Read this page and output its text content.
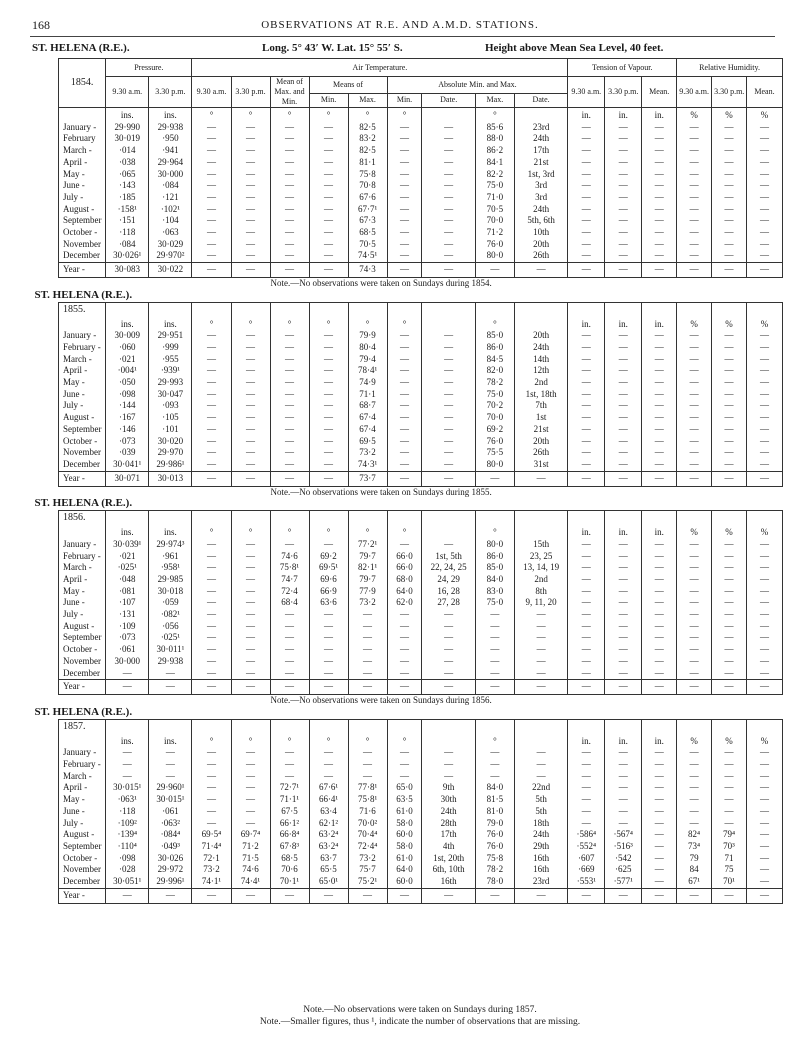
168	OBSERVATIONS AT R.E. AND A.M.D. STATIONS.
ST. HELENA (R.E.).	Long. 5° 43′ W. Lat. 15° 55′ S.	Height above Mean Sea Level, 40 feet.
1854.	Pressure.		Air Temperature.									Tension of Vapour.			Relative Humidity.		
	9.30 a.m.	3.30 p.m.	9.30 a.m.	3.30 p.m.	Mean of Max. and Min.	Means of		Absolute Min. and Max.				9.30 a.m.	3.30 p.m.	Mean.	9.30 a.m.	3.30 p.m.	Mean.
						Min.	Max.	Min.	Date.	Max.	Date.						
	ins.	ins.	°	°	°	°	°	°		°		in.	in.	in.	%	%	%
January -	29·990	29·938	—	—	—	—	82·5	—	—	85·6	23rd	—	—	—	—	—	—
February	30·019	·950	—	—	—	—	83·2	—	—	88·0	24th	—	—	—	—	—	—
March -	·014	·941	—	—	—	—	82·5	—	—	86·2	17th	—	—	—	—	—	—
April -	·038	29·964	—	—	—	—	81·1	—	—	84·1	21st	—	—	—	—	—	—
May -	·065	30·000	—	—	—	—	75·8	—	—	82·2	1st, 3rd	—	—	—	—	—	—
June -	·143	·084	—	—	—	—	70·8	—	—	75·0	3rd	—	—	—	—	—	—
July -	·185	·121	—	—	—	—	67·6	—	—	71·0	3rd	—	—	—	—	—	—
August -	·158¹	·102¹	—	—	—	—	67·7¹	—	—	70·5	24th	—	—	—	—	—	—
September	·151	·104	—	—	—	—	67·3	—	—	70·0	5th, 6th	—	—	—	—	—	—
October -	·118	·063	—	—	—	—	68·5	—	—	71·2	10th	—	—	—	—	—	—
November	·084	30·029	—	—	—	—	70·5	—	—	76·0	20th	—	—	—	—	—	—
December	30·026¹	29·970²	—	—	—	—	74·5¹	—	—	80·0	26th	—	—	—	—	—	—
Year -	30·083	30·022	—	—	—	—	74·3	—	—	—	—	—	—	—	—	—	—

Note.—No observations were taken on Sundays during 1854.
ST. HELENA (R.E.).																	

1855.																	
	ins.	ins.	°	°	°	°	°	°		°		in.	in.	in.	%	%	%
January -	30·009	29·951	—	—	—	—	79·9	—	—	85·0	20th	—	—	—	—	—	—
February -	·060	·999	—	—	—	—	80·4	—	—	86·0	24th	—	—	—	—	—	—
March -	·021	·955	—	—	—	—	79·4	—	—	84·5	14th	—	—	—	—	—	—
April -	·004¹	·939¹	—	—	—	—	78·4¹	—	—	82·0	12th	—	—	—	—	—	—
May -	·050	29·993	—	—	—	—	74·9	—	—	78·2	2nd	—	—	—	—	—	—
June -	·098	30·047	—	—	—	—	71·1	—	—	75·0	1st, 18th	—	—	—	—	—	—
July -	·144	·093	—	—	—	—	68·7	—	—	70·2	7th	—	—	—	—	—	—
August -	·167	·105	—	—	—	—	67·4	—	—	70·0	1st	—	—	—	—	—	—
September	·146	·101	—	—	—	—	67·4	—	—	69·2	21st	—	—	—	—	—	—
October -	·073	30·020	—	—	—	—	69·5	—	—	76·0	20th	—	—	—	—	—	—
November	·039	29·970	—	—	—	—	73·2	—	—	75·5	26th	—	—	—	—	—	—
December	30·041¹	29·986¹	—	—	—	—	74·3¹	—	—	80·0	31st	—	—	—	—	—	—
Year -	30·071	30·013	—	—	—	—	73·7	—	—	—	—	—	—	—	—	—	—

Note.—No observations were taken on Sundays during 1855.
ST. HELENA (R.E.).																	

1856.																	
	ins.	ins.	°	°	°	°	°	°		°		in.	in.	in.	%	%	%
January -	30·039¹	29·974³	—	—	—	—	77·2¹	—	—	80·0	15th	—	—	—	—	—	—
February -	·021	·961	—	—	74·6	69·2	79·7	66·0	1st, 5th	86·0	23, 25	—	—	—	—	—	—
March -	·025¹	·958¹	—	—	75·8¹	69·5¹	82·1¹	66·0	22, 24, 25	85·0	13, 14, 19	—	—	—	—	—	—
April -	·048	29·985	—	—	74·7	69·6	79·7	68·0	24, 29	84·0	2nd	—	—	—	—	—	—
May -	·081	30·018	—	—	72·4	66·9	77·9	64·0	16, 28	83·0	8th	—	—	—	—	—	—
June -	·107	·059	—	—	68·4	63·6	73·2	62·0	27, 28	75·0	9, 11, 20	—	—	—	—	—	—
July -	·131	·082¹	—	—	—	—	—	—	—	—	—	—	—	—	—	—	—
August -	·109	·056	—	—	—	—	—	—	—	—	—	—	—	—	—	—	—
September	·073	·025¹	—	—	—	—	—	—	—	—	—	—	—	—	—	—	—
October -	·061	30·011¹	—	—	—	—	—	—	—	—	—	—	—	—	—	—	—
November	30·000	29·938	—	—	—	—	—	—	—	—	—	—	—	—	—	—	—
December	—	—	—	—	—	—	—	—	—	—	—	—	—	—	—	—	—
Year -	—	—	—	—	—	—	—	—	—	—	—	—	—	—	—	—	—

Note.—No observations were taken on Sundays during 1856.
ST. HELENA (R.E.).																	

1857.																	
	ins.	ins.	°	°	°	°	°	°		°		in.	in.	in.	%	%	%
January -	—	—	—	—	—	—	—	—	—	—	—	—	—	—	—	—	—
February -	—	—	—	—	—	—	—	—	—	—	—	—	—	—	—	—	—
March -	—	—	—	—	—	—	—	—	—	—	—	—	—	—	—	—	—
April -	30·015¹	29·960¹	—	—	72·7¹	67·6¹	77·8¹	65·0	9th	84·0	22nd	—	—	—	—	—	—
May -	·063¹	30·015¹	—	—	71·1¹	66·4¹	75·8¹	63·5	30th	81·5	5th	—	—	—	—	—	—
June -	·118	·061	—	—	67·5	63·4	71·6	61·0	24th	81·0	5th	—	—	—	—	—	—
July -	·109²	·063²	—	—	66·1²	62·1²	70·0²	58·0	28th	79·0	18th	—	—	—	—	—	—
August -	·139⁴	·084⁴	69·5⁴	69·7⁴	66·8⁴	63·2⁴	70·4⁴	60·0	17th	76·0	24th	·586⁴	·567⁴	—	82⁴	79⁴	—
September	·110⁴	·049³	71·4⁴	71·2	67·8³	63·2⁴	72·4⁴	58·0	4th	76·0	29th	·552⁴	·516³	—	73⁴	70³	—
October -	·098	30·026	72·1	71·5	68·5	63·7	73·2	61·0	1st, 20th	75·8	16th	·607	·542	—	79	71	—
November	·028	29·972	73·2	74·6	70·6	65·5	75·7	64·0	6th, 10th	78·2	16th	·669	·625	—	84	75	—
December	30·051¹	29·996¹	74·1¹	74·4¹	70·1¹	65·0¹	75·2¹	60·0	16th	78·0	23rd	·553¹	·577¹	—	67¹	70¹	—
Year -	—	—	—	—	—	—	—	—	—	—	—	—	—	—	—	—	—
Note.—No observations were taken on Sundays during 1857.
Note.—Smaller figures, thus ¹, indicate the number of observations that are missing.
